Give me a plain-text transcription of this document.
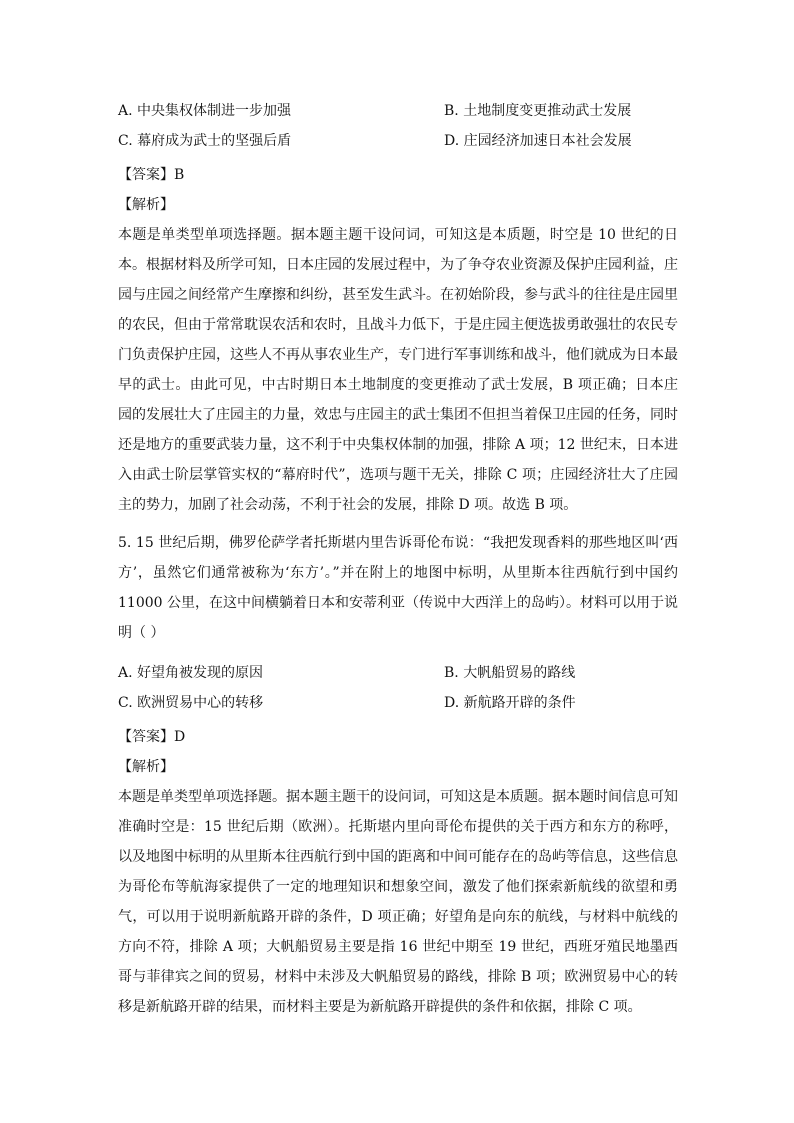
A. 中央集权体制进一步加强	B. 土地制度变更推动武士发展
C. 幕府成为武士的坚强后盾	D. 庄园经济加速日本社会发展
【答案】B
【解析】
本题是单类型单项选择题。据本题主题干设问词，可知这是本质题，时空是 10 世纪的日本。根据材料及所学可知，日本庄园的发展过程中，为了争夺农业资源及保护庄园利益，庄园与庄园之间经常产生摩擦和纠纷，甚至发生武斗。在初始阶段，参与武斗的往往是庄园里的农民，但由于常常耽误农活和农时，且战斗力低下，于是庄园主便选拔勇敢强壮的农民专门负责保护庄园，这些人不再从事农业生产，专门进行军事训练和战斗，他们就成为日本最早的武士。由此可见，中古时期日本土地制度的变更推动了武士发展，B 项正确；日本庄园的发展壮大了庄园主的力量，效忠与庄园主的武士集团不但担当着保卫庄园的任务，同时还是地方的重要武装力量，这不利于中央集权体制的加强，排除 A 项；12 世纪末，日本进入由武士阶层掌管实权的“幕府时代”，选项与题干无关，排除 C 项；庄园经济壮大了庄园主的势力，加剧了社会动荡，不利于社会的发展，排除 D 项。故选 B 项。
5. 15 世纪后期，佛罗伦萨学者托斯堪内里告诉哥伦布说：“我把发现香料的那些地区叫‘西方’，虽然它们通常被称为‘东方’。”并在附上的地图中标明，从里斯本往西航行到中国约 11000 公里，在这中间横躺着日本和安蒂利亚（传说中大西洋上的岛屿）。材料可以用于说明（ ）
A. 好望角被发现的原因	B. 大帆船贸易的路线
C. 欧洲贸易中心的转移	D. 新航路开辟的条件
【答案】D
【解析】
本题是单类型单项选择题。据本题主题干的设问词，可知这是本质题。据本题时间信息可知准确时空是：15 世纪后期（欧洲）。托斯堪内里向哥伦布提供的关于西方和东方的称呼，以及地图中标明的从里斯本往西航行到中国的距离和中间可能存在的岛屿等信息，这些信息为哥伦布等航海家提供了一定的地理知识和想象空间，激发了他们探索新航线的欲望和勇气，可以用于说明新航路开辟的条件，D 项正确；好望角是向东的航线，与材料中航线的方向不符，排除 A 项；大帆船贸易主要是指 16 世纪中期至 19 世纪，西班牙殖民地墨西哥与菲律宾之间的贸易，材料中未涉及大帆船贸易的路线，排除 B 项；欧洲贸易中心的转移是新航路开辟的结果，而材料主要是为新航路开辟提供的条件和依据，排除 C 项。
